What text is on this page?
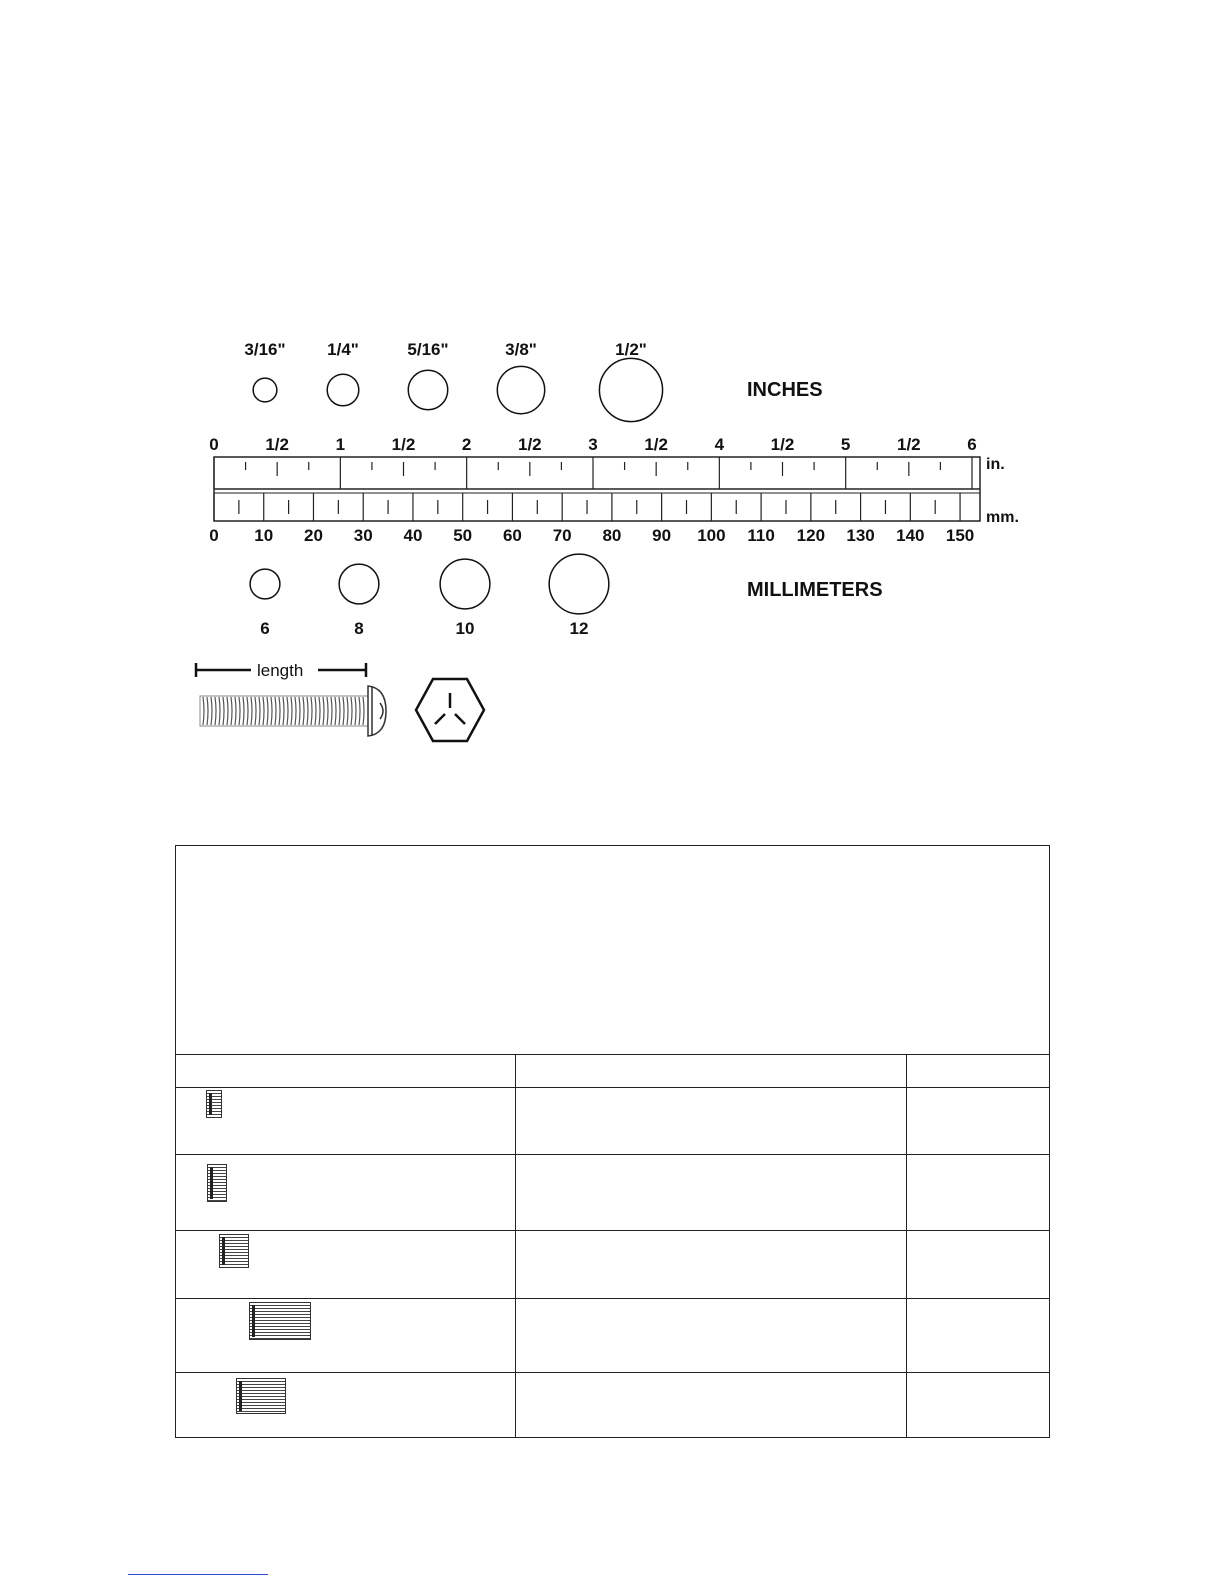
3/16" 1/4"	5/16"	3/8"	1/2"
INCHES
0	1/2	1	1/2	2	1/2	3	1/2	4	1/2	5	1/2	6
0 10 20 30 40 50 60 70 80 90 100 110 120 130 140 150
in.
mm.
6	8	10	12
MILLIMETERS
length
